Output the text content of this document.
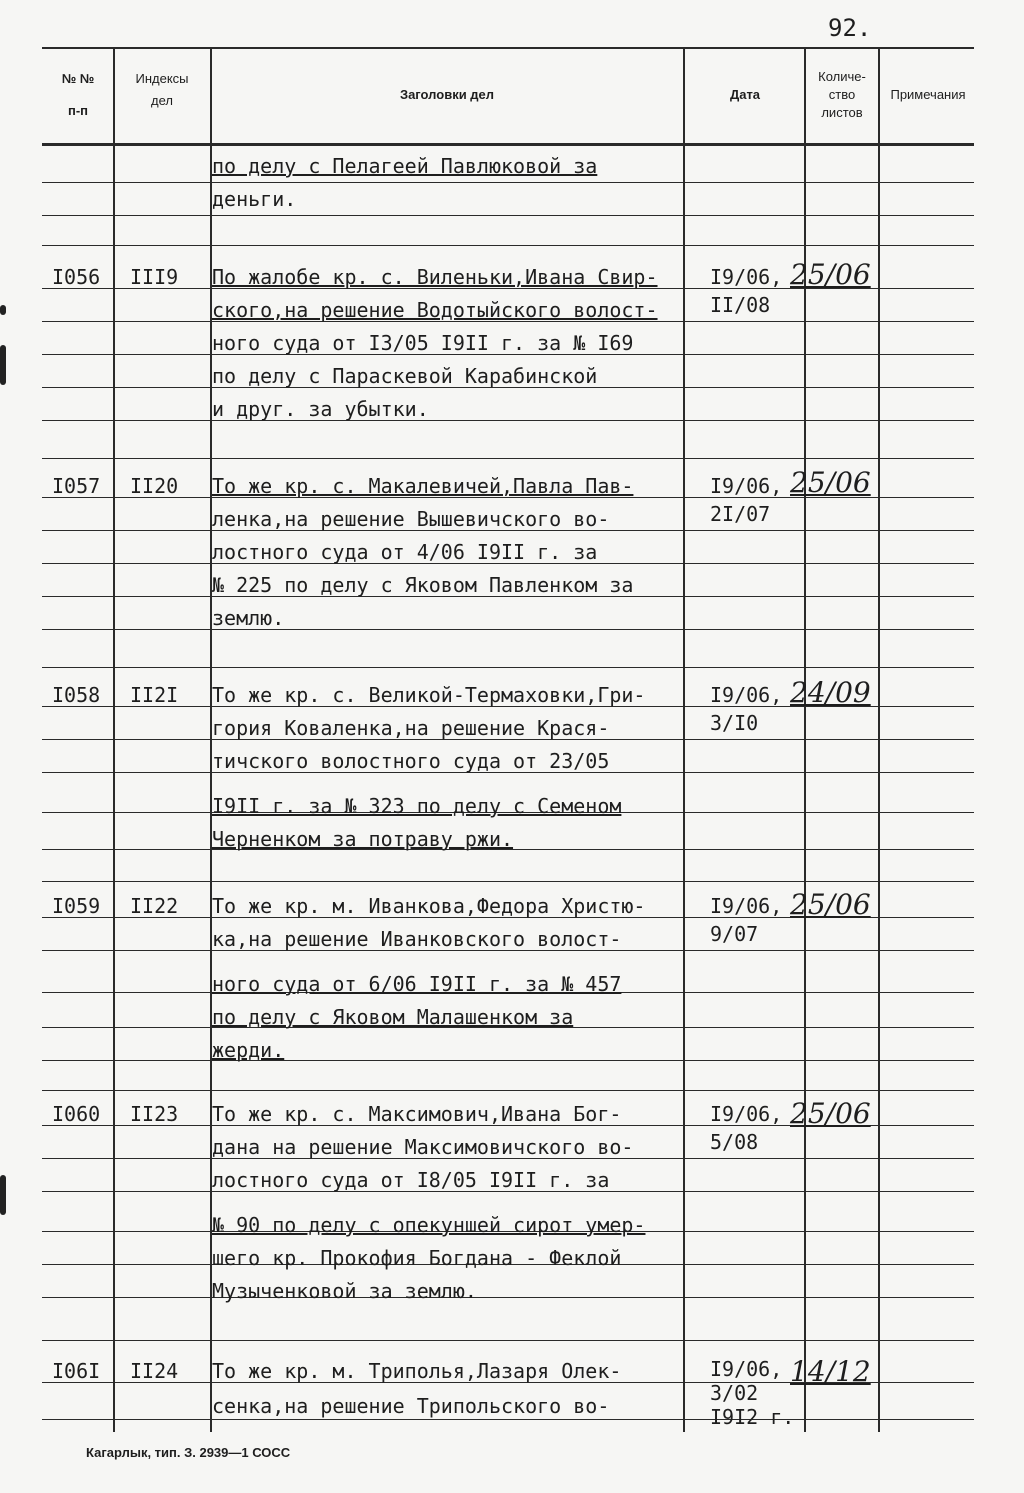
92.
№ №
п-п
Индексы
дел	Заголовки дел	Дата
Количе-
ство
листов
Примечания
по делу с Пелагеей Павлюковой за
деньги.
I056 III9 По жалобе кр. с. Виленьки,Ивана Свир-
ского,на решение Водотыйского волост-
ного суда от I3/05 I9II г. за № I69
по делу с Параскевой Карабинской
и друг. за убытки.
I9/06,
II/08
25/06
I057 II20 То же кр. с. Макалевичей,Павла Пав-
ленка,на решение Вышевичского во-
лостного суда от 4/06 I9II г. за
№ 225 по делу с Яковом Павленком за
землю.
I9/06,
2I/07
25/06
I058 II2I То же кр. с. Великой-Термаховки,Гри-
гория Коваленка,на решение Крася-
тичского волостного суда от 23/05
I9II г. за № 323 по делу с Семеном
Черненком за потраву ржи.
I9/06,
3/I0
24/09
I059 II22 То же кр. м. Иванкова,Федора Христю-
ка,на решение Иванковского волост-
ного суда от 6/06 I9II г. за № 457
по делу с Яковом Малашенком за
жерди.
I9/06,
9/07
25/06
I060 II23 То же кр. с. Максимович,Ивана Бог-
дана на решение Максимовичского во-
лостного суда от I8/05 I9II г. за
№ 90 по делу с опекуншей сирот умер-
шего кр. Прокофия Богдана - Феклой
Музыченковой за землю.
I9/06,
5/08
25/06
I06I II24 То же кр. м. Триполья,Лазаря Олек-
сенка,на решение Трипольского во-
I9/06,
3/02
I9I2 г.
14/12
Кагарлык, тип. З. 2939—1 СОСС
